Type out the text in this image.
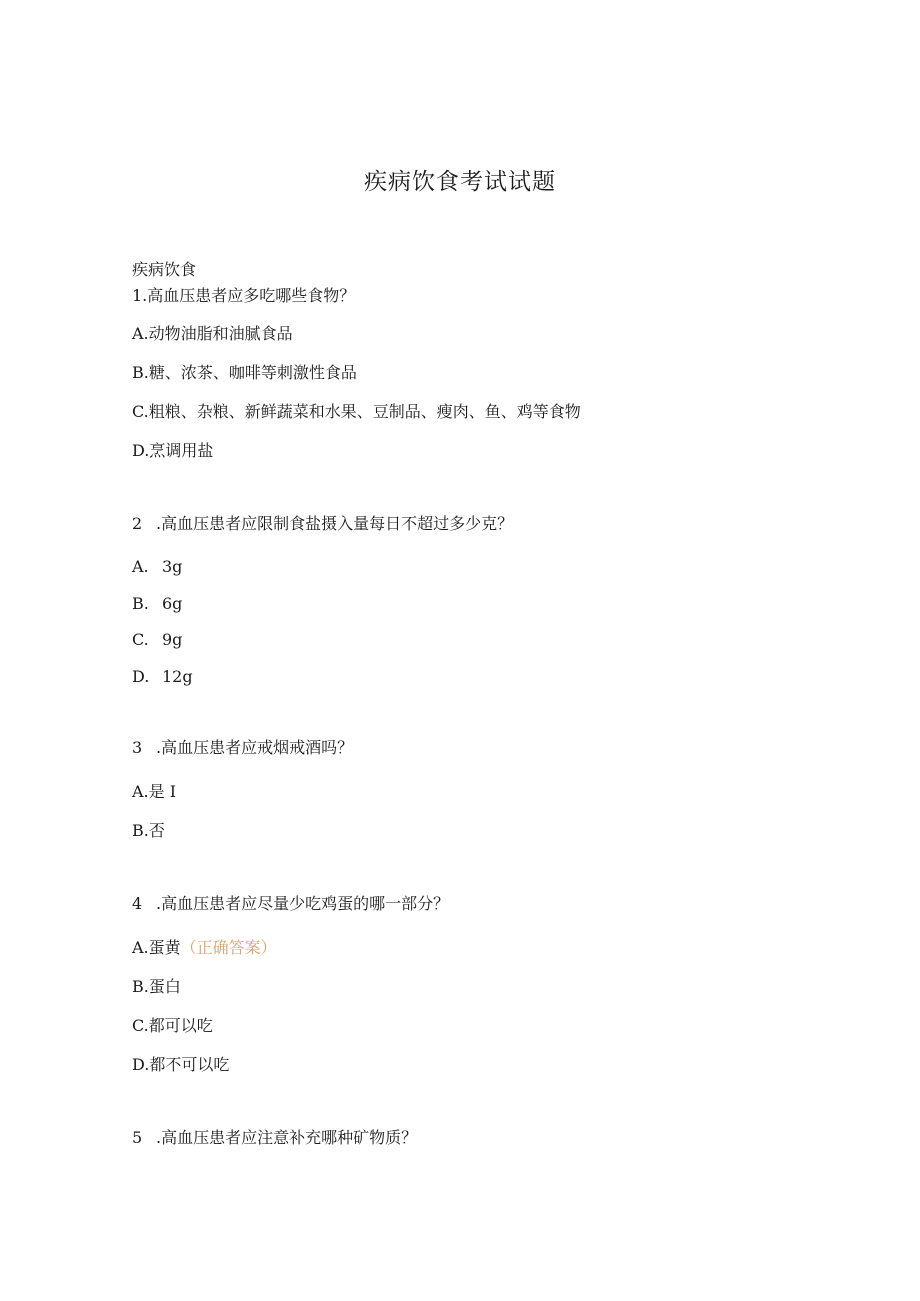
疾病饮食考试试题
疾病饮食
1.高血压患者应多吃哪些食物？
A.动物油脂和油腻食品
B.糖、浓茶、咖啡等刺激性食品
C.粗粮、杂粮、新鲜蔬菜和水果、豆制品、瘦肉、鱼、鸡等食物
D.烹调用盐
2 .高血压患者应限制食盐摄入量每日不超过多少克？
A. 3g
B. 6g
C. 9g
D. 12g
3 .高血压患者应戒烟戒酒吗？
A.是 I
B.否
4 .高血压患者应尽量少吃鸡蛋的哪一部分？
A.蛋黄（正确答案）
B.蛋白
C.都可以吃
D.都不可以吃
5 .高血压患者应注意补充哪种矿物质？
